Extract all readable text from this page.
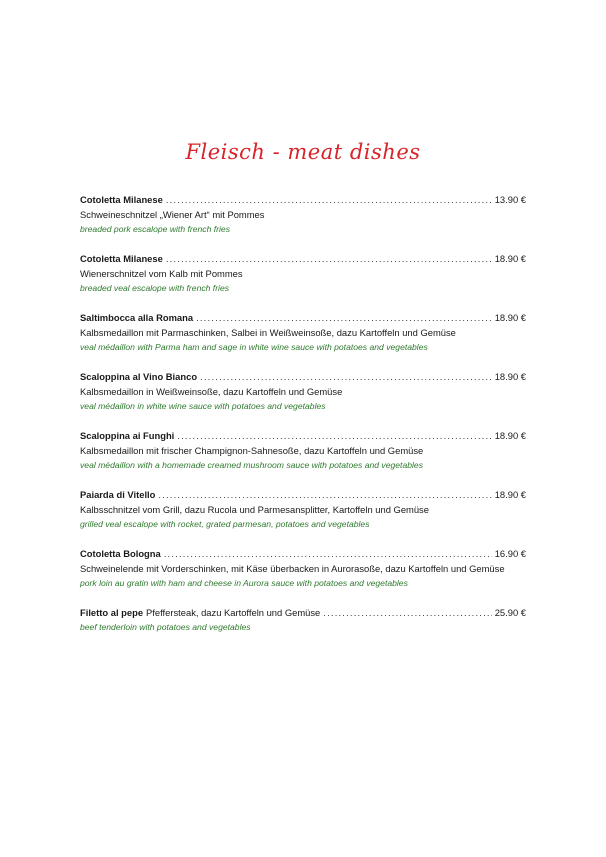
Fleisch - meat dishes
Cotoletta Milanese .....	13.90 €
Schweineschnitzel „Wiener Art“ mit Pommes
breaded pork escalope with french fries
Cotoletta Milanese .....	18.90 €
Wienerschnitzel vom Kalb mit Pommes
breaded veal escalope with french fries
Saltimbocca alla Romana .....	18.90 €
Kalbsmedaillon mit Parmaschinken, Salbei in Weißweinsoße, dazu Kartoffeln und Gemüse
veal médaillon with Parma ham and sage in white wine sauce with potatoes and vegetables
Scaloppina al Vino Bianco .....	18.90 €
Kalbsmedaillon in Weißweinsoße, dazu Kartoffeln und Gemüse
veal médaillon in white wine sauce with potatoes and vegetables
Scaloppina ai Funghi .....	18.90 €
Kalbsmedaillon mit frischer Champignon-Sahnesoße, dazu Kartoffeln und Gemüse
veal médaillon with a homemade creamed mushroom sauce with potatoes and vegetables
Paiarda di Vitello .....	18.90 €
Kalbsschnitzel vom Grill, dazu Rucola und Parmesansplitter, Kartoffeln und Gemüse
grilled veal escalope with rocket, grated parmesan, potatoes and vegetables
Cotoletta Bologna .....	16.90 €
Schweinelende mit Vorderschinken, mit Käse überbacken in Aurorasoße, dazu Kartoffeln und Gemüse
pork loin au gratin with ham and cheese in Aurora sauce with potatoes and vegetables
Filetto al pepe Pfeffersteak, dazu Kartoffeln und Gemüse .....	25.90 €
beef tenderloin with potatoes and vegetables
